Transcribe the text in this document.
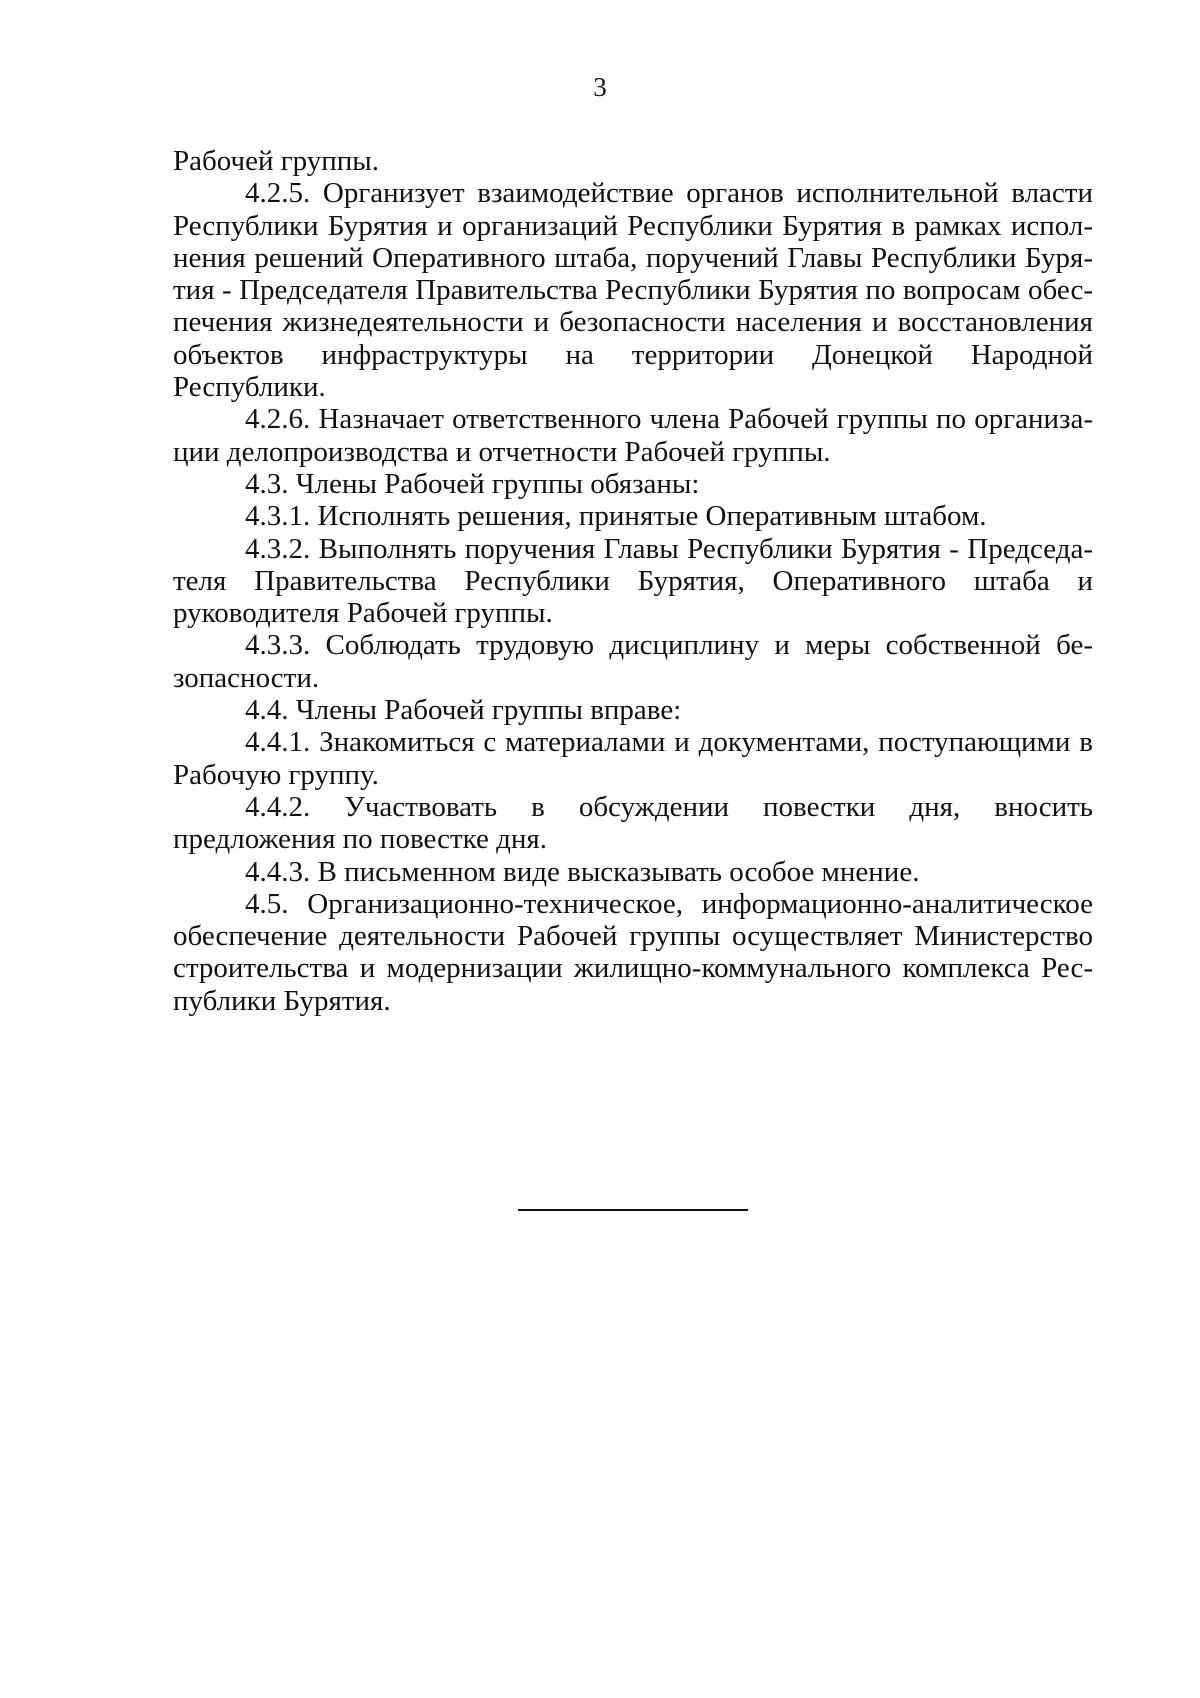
3

Рабочей группы.

4.2.5. Организует взаимодействие органов исполнительной власти Республики Бурятия и организаций Республики Бурятия в рамках исполнения решений Оперативного штаба, поручений Главы Республики Бурятия - Председателя Правительства Республики Бурятия по вопросам обеспечения жизнедеятельности и безопасности населения и восстановления объектов инфраструктуры на территории Донецкой Народной Республики.

4.2.6. Назначает ответственного члена Рабочей группы по организации делопроизводства и отчетности Рабочей группы.

4.3. Члены Рабочей группы обязаны:

4.3.1. Исполнять решения, принятые Оперативным штабом.

4.3.2. Выполнять поручения Главы Республики Бурятия - Председателя Правительства Республики Бурятия, Оперативного штаба и руководителя Рабочей группы.

4.3.3. Соблюдать трудовую дисциплину и меры собственной безопасности.

4.4. Члены Рабочей группы вправе:

4.4.1. Знакомиться с материалами и документами, поступающими в Рабочую группу.

4.4.2. Участвовать в обсуждении повестки дня, вносить предложения по повестке дня.

4.4.3. В письменном виде высказывать особое мнение.

4.5. Организационно-техническое, информационно-аналитическое обеспечение деятельности Рабочей группы осуществляет Министерство строительства и модернизации жилищно-коммунального комплекса Республики Бурятия.
